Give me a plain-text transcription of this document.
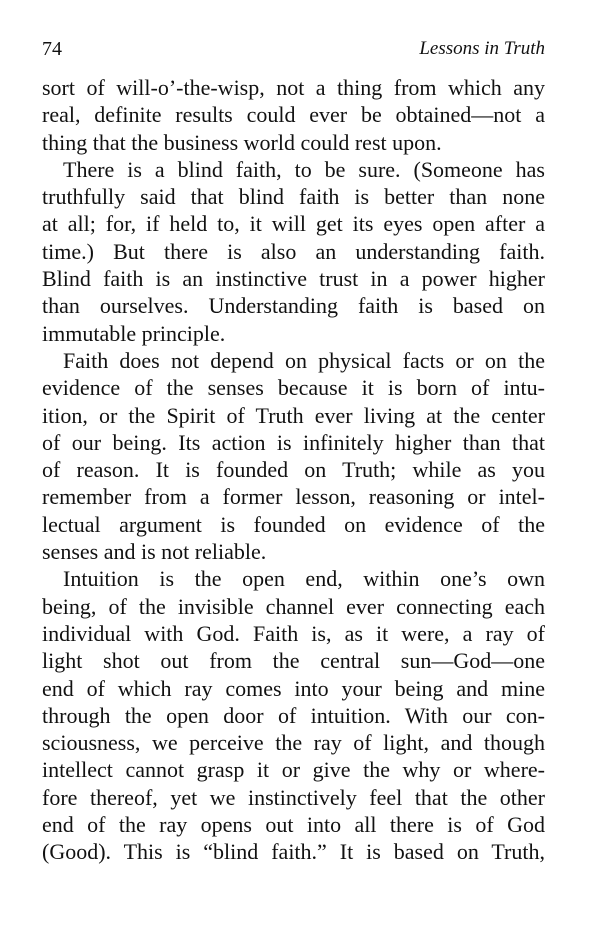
74	Lessons in Truth
sort of will-o’-the-wisp, not a thing from which any
real, definite results could ever be obtained—not a
thing that the business world could rest upon.
There is a blind faith, to be sure. (Someone has
truthfully said that blind faith is better than none
at all; for, if held to, it will get its eyes open after a
time.) But there is also an understanding faith.
Blind faith is an instinctive trust in a power higher
than ourselves. Understanding faith is based on
immutable principle.
Faith does not depend on physical facts or on the
evidence of the senses because it is born of intu-
ition, or the Spirit of Truth ever living at the center
of our being. Its action is infinitely higher than that
of reason. It is founded on Truth; while as you
remember from a former lesson, reasoning or intel-
lectual argument is founded on evidence of the
senses and is not reliable.
Intuition is the open end, within one’s own
being, of the invisible channel ever connecting each
individual with God. Faith is, as it were, a ray of
light shot out from the central sun—God—one
end of which ray comes into your being and mine
through the open door of intuition. With our con-
sciousness, we perceive the ray of light, and though
intellect cannot grasp it or give the why or where-
fore thereof, yet we instinctively feel that the other
end of the ray opens out into all there is of God
(Good). This is “blind faith.” It is based on Truth,
